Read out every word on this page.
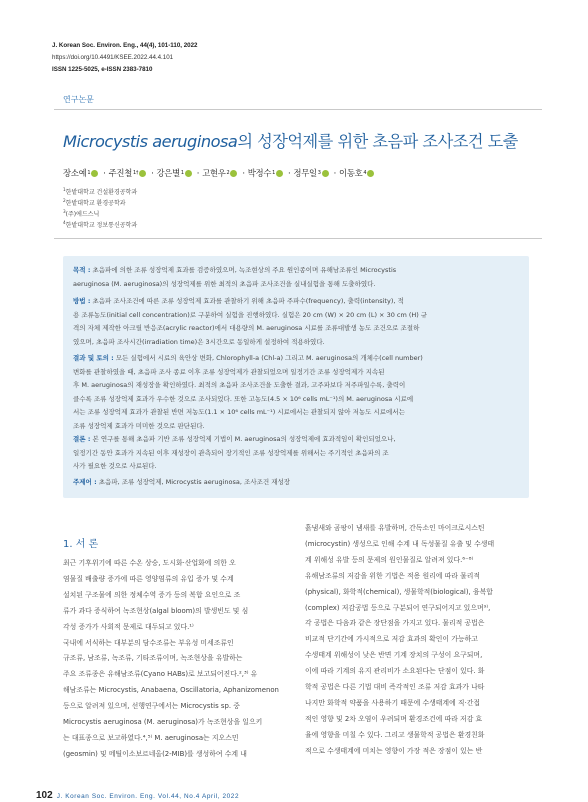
J. Korean Soc. Environ. Eng., 44(4), 101-110, 2022
https://doi.org/10.4491/KSEE.2022.44.4.101
ISSN 1225-5025, e-ISSN 2383-7810
연구논문
Microcystis aeruginosa의 성장억제를 위한 초음파 조사조건 도출
장소예 1 · 주진철 1† · 강은별 1 · 고현우 2 · 박정수 1 · 정무일 3 · 이동호 4
$^1$한밭대학교 건설환경공학과
$^2$한밭대학교 환경공학과
$^3$(주)에드스닉
$^4$한밭대학교 정보통신공학과
목적 : 초음파에 의한 조류 성장억제 효과를 검증하였으며, 녹조현상의 주요 원인종이며 유해남조류인 Microcystis
aeruginosa (M. aeruginosa)의 성장억제를 위한 최적의 초음파 조사조건을 실내실험을 통해 도출하였다.
방법 : 초음파 조사조건에 따른 조류 성장억제 효과를 관찰하기 위해 초음파 주파수(frequency), 출력(intensity), 적
용 조류농도(initial cell concentration)로 구분하여 실험을 진행하였다. 실험은 20 cm (W) × 20 cm (L) × 30 cm (H) 규
격의 자체 제작한 아크릴 반응조(acrylic reactor)에서 대용량의 M. aeruginosa 시료를 조류대발생 농도 조건으로 조절하
였으며, 초음파 조사시간(irradiation time)은 3시간으로 동일하게 설정하여 적용하였다.
결과 및 토의 : 모든 실험에서 시료의 육안상 변화, Chlorophyll-a (Chl-a) 그리고 M. aeruginosa의 개체수(cell number)
변화를 관찰하였을 때, 초음파 조사 종료 이후 조류 성장억제가 관찰되었으며 일정기간 조류 성장억제가 지속된
후 M. aeruginosa의 재성장을 확인하였다. 최적의 초음파 조사조건을 도출한 결과, 고주파보다 저주파일수록, 출력이
클수록 조류 성장억제 효과가 우수한 것으로 조사되었다. 또한 고농도(4.5 × 10⁶ cells mL⁻¹)의 M. aeruginosa 시료에
서는 조류 성장억제 효과가 관찰된 반면 저농도(1.1 × 10⁶ cells mL⁻¹) 시료에서는 관찰되지 않아 저농도 시료에서는
조류 성장억제 효과가 미미한 것으로 판단된다.
결론 : 본 연구를 통해 초음파 기반 조류 성장억제 기법이 M. aeruginosa의 성장억제에 효과적임이 확인되었으나,
일정기간 동안 효과가 지속된 이후 재성장이 관측되어 장기적인 조류 성장억제를 위해서는 주기적인 초음파의 조
사가 필요한 것으로 사료된다.
주제어 : 초음파, 조류 성장억제, Microcystis aeruginosa, 조사조건 재성장
1. 서 론
최근 기후위기에 따른 수온 상승, 도시화·산업화에 의한 오
염물질 배출량 증가에 따른 영양염류의 유입 증가 및 수계
설치된 구조물에 의한 정체수역 증가 등의 복합 요인으로 조
류가 과다 증식하여 녹조현상(algal bloom)의 발생빈도 및 심
각성 증가가 사회적 문제로 대두되고 있다.¹⁾
국내에 서식하는 대부분의 담수조류는 부유성 미세조류인
규조류, 남조류, 녹조류, 기타조류이며, 녹조현상을 유발하는
주요 조류종은 유해남조류(Cyano HABs)로 보고되어진다.²,³⁾ 유
해남조류는 Microcystis, Anabaena, Oscillatoria, Aphanizomenon
등으로 알려져 있으며, 선행연구에서는 Microcystis sp. 중
Microcystis aeruginosa (M. aeruginosa)가 녹조현상을 일으키
는 대표종으로 보고하였다.⁴,⁵⁾ M. aeruginosa는 지오스민
(geosmin) 및 메틸이소보르네올(2-MIB)를 생성하여 수계 내
흙냄새와 곰팡이 냄새를 유발하며, 간독소인 마이크로시스틴
(microcystin) 생성으로 인해 수계 내 독성물질 유출 및 수생태
계 위해성 유발 등의 문제의 원인물질로 알려져 있다.⁶⁻⁸⁾
유해남조류의 저감을 위한 기법은 적용 원리에 따라 물리적
(physical), 화학적(chemical), 생물학적(biological), 융복합
(complex) 저감공법 등으로 구분되어 연구되어지고 있으며⁹⁾,
각 공법은 다음과 같은 장단점을 가지고 있다. 물리적 공법은
비교적 단기간에 가시적으로 저감 효과의 확인이 가능하고
수생태계 위해성이 낮은 반면 기계 장치의 구성이 요구되며,
이에 따라 기계의 유지 관리비가 소요된다는 단점이 있다. 화
학적 공법은 다른 기법 대비 즉각적인 조류 저감 효과가 나타
나지만 화학적 약품을 사용하기 때문에 수생태계에 직·간접
적인 영향 및 2차 오염이 우려되며 환경조건에 따라 저감 효
율에 영향을 미칠 수 있다. 그리고 생물학적 공법은 환경친화
적으로 수생태계에 미치는 영향이 가장 적은 장점이 있는 반
102 J. Korean Soc. Environ. Eng. Vol.44, No.4 April, 2022
